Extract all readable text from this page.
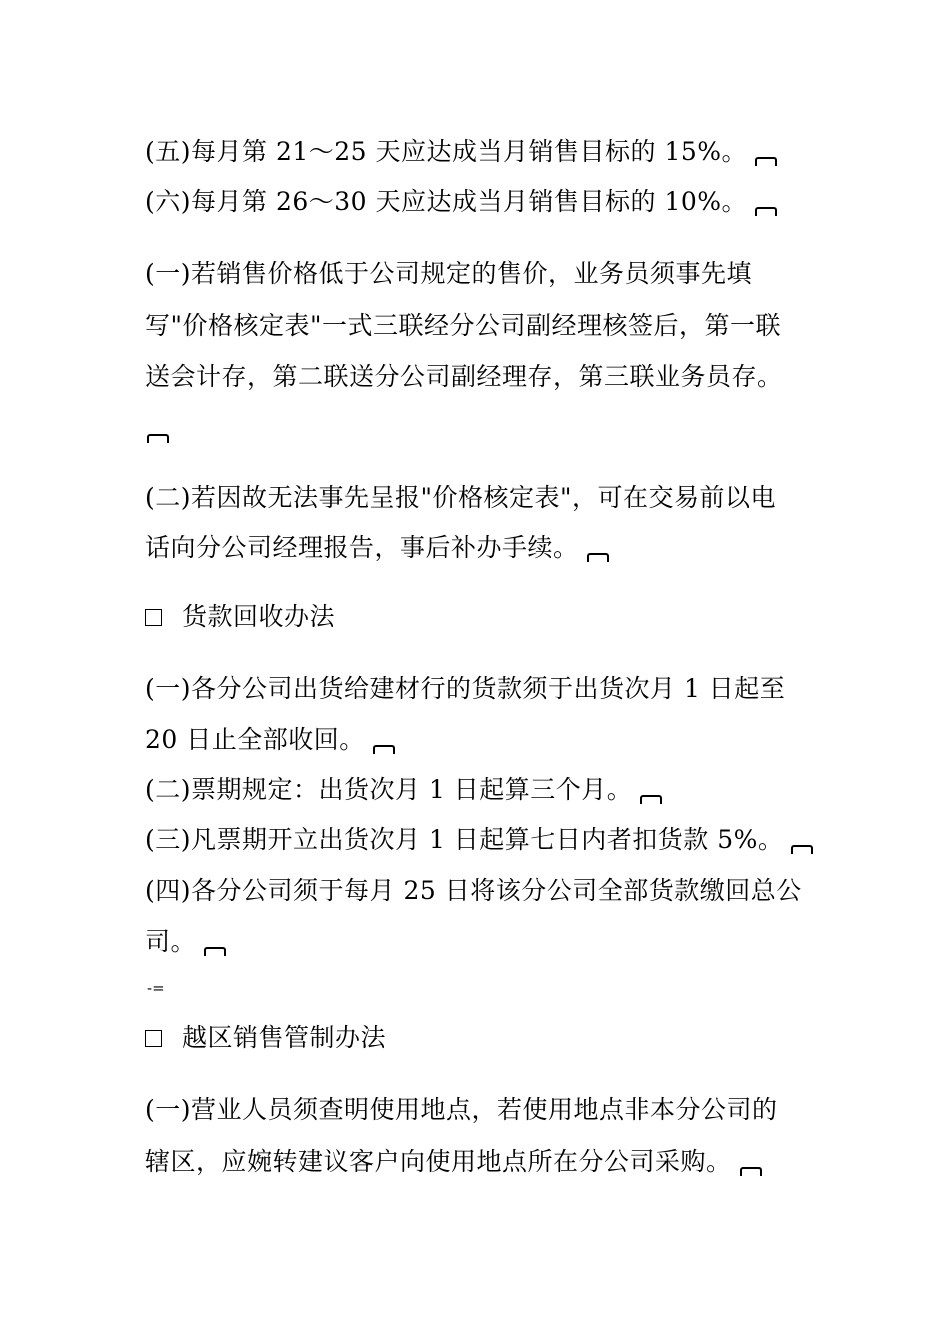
(五)每月第 21～25 天应达成当月销售目标的 15%。
(六)每月第 26～30 天应达成当月销售目标的 10%。
(一)若销售价格低于公司规定的售价，业务员须事先填
写"价格核定表"一式三联经分公司副经理核签后，第一联
送会计存，第二联送分公司副经理存，第三联业务员存。
(二)若因故无法事先呈报"价格核定表"，可在交易前以电
话向分公司经理报告，事后补办手续。
货款回收办法
(一)各分公司出货给建材行的货款须于出货次月 1 日起至
20 日止全部收回。
(二)票期规定：出货次月 1 日起算三个月。
(三)凡票期开立出货次月 1 日起算七日内者扣货款 5%。
(四)各分公司须于每月 25 日将该分公司全部货款缴回总公
司。
-=
越区销售管制办法
(一)营业人员须查明使用地点，若使用地点非本分公司的
辖区，应婉转建议客户向使用地点所在分公司采购。
